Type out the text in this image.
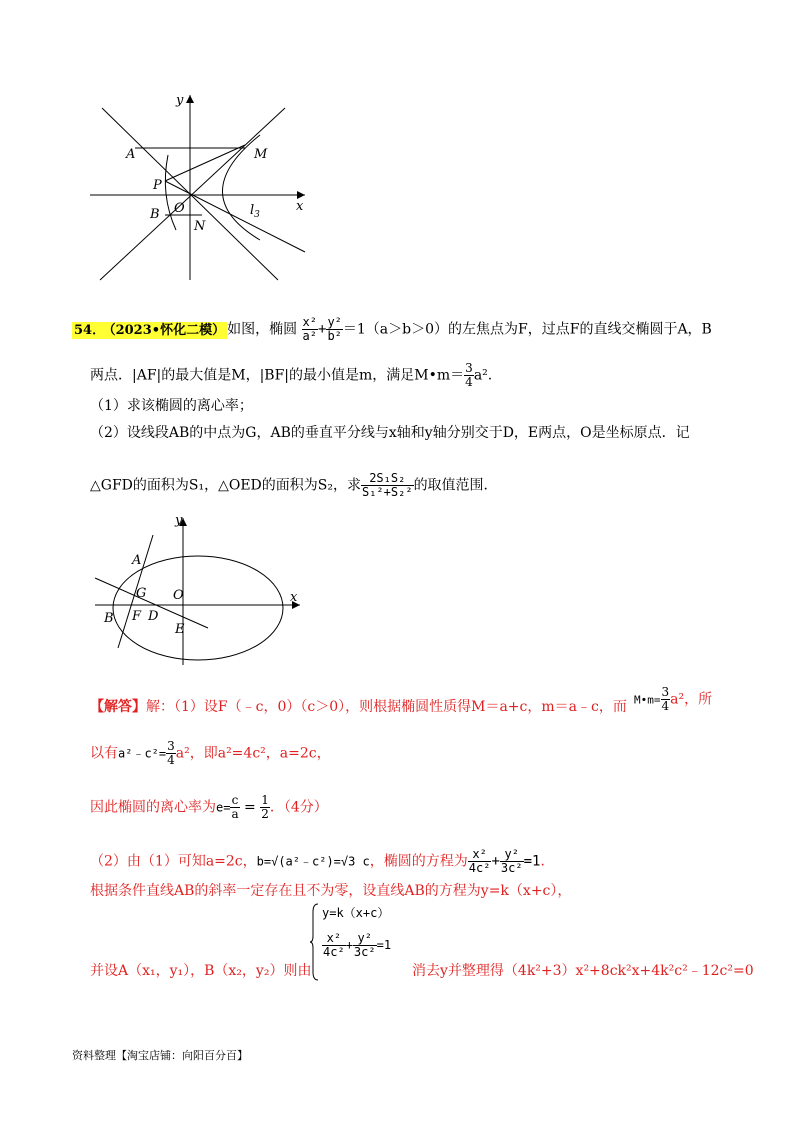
y
x
A	M
P
B O
N
$l_3$
54． （2023•怀化二模） 如图，椭圆 $\frac{\text{x²}}{\text{a²}} + \frac{\text{y²}}{\text{b²}} =1(a>b>0)$的左焦点为F，过点F的直线交椭圆于A，B
两点．|AF|的最大值是M，|BF|的最小值是m，满足M•m＝ $\frac{3}{4} a^2$.
（1）求该椭圆的离心率；
（2）设线段AB的中点为G，AB的垂直平分线与x轴和y轴分别交于D，E两点，O是坐标原点．记
△GFD的面积为S₁，△OED的面积为S₂，求 $\frac{\text{2S₁S₂}}{\text{S₁²+S₂²}}$ 的取值范围．
y
x
A
G O
B F D
E
【解答】解：（1）设F（﹣c，0）（c＞0），则根据椭圆性质得M＝a+c，m＝a﹣c，而 M•m= $\frac{3}{4} a^2$，所
以有a²﹣c²= $\frac{3}{4} a^2$，即a²=4c²，a=2c，
因此椭圆的离心率为$e= \frac{c}{a} = \frac{1}{2}$ ．（4分）
（2）由（1）可知a=2c，b=√(a²﹣c²)=√3 c，椭圆的方程为 $\frac{\text{x²}}{\text{4c²}} + \frac{\text{y²}}{\text{3c²}} =1$．
根据条件直线AB的斜率一定存在且不为零，设直线AB的方程为y=k（x+c），
y=k（x+c）
$\frac{\text{x²}}{\text{4c²}} + \frac{\text{y²}}{\text{3c²}} =1$
并设A（x₁，y₁），B（x₂，y₂）则由	消去y并整理得（4k²+3）x²+8ck²x+4k²c²﹣12c²=0
资料整理【淘宝店铺：向阳百分百】
